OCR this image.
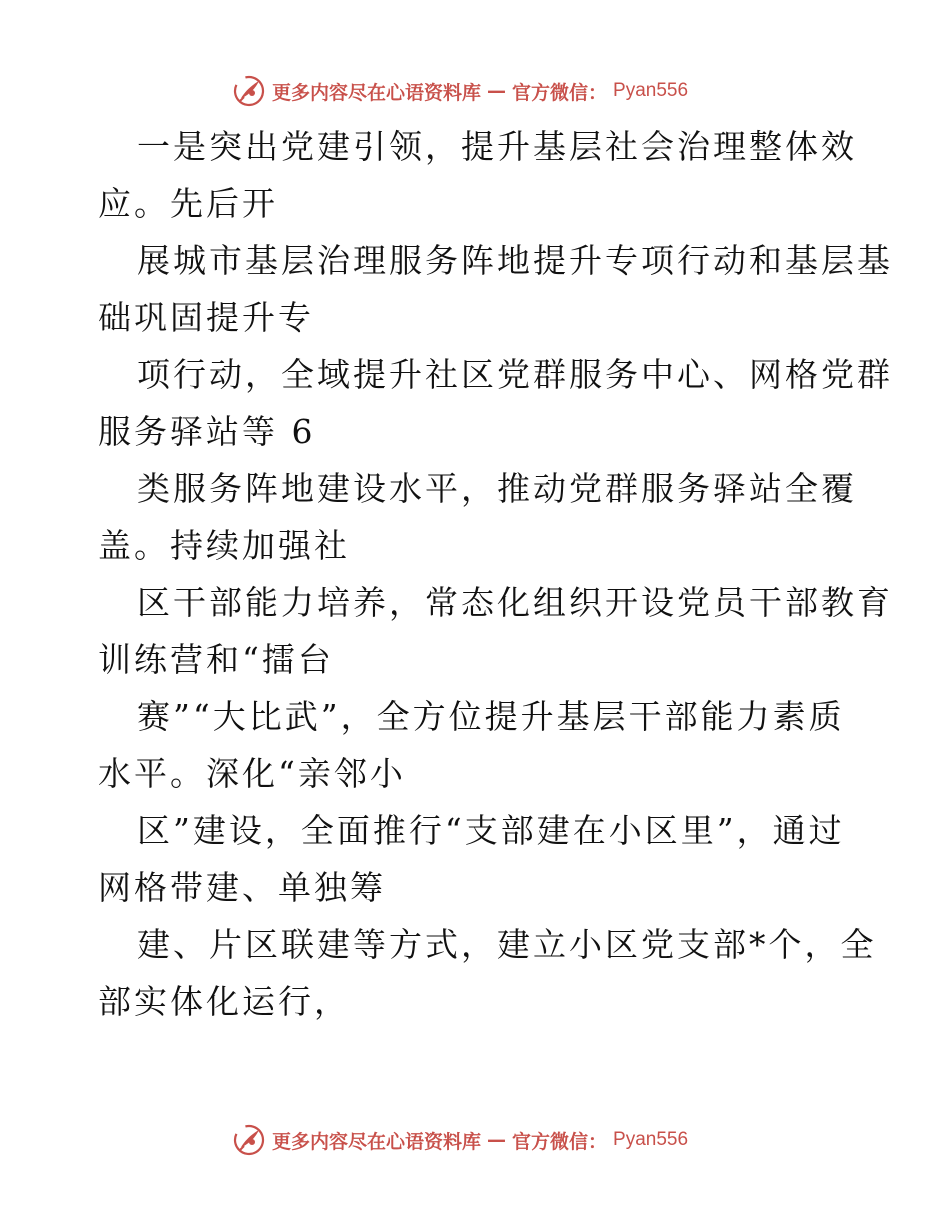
更多内容尽在心语资料库 — 官方微信： Pyan556

一是突出党建引领，提升基层社会治理整体效
应。先后开

展城市基层治理服务阵地提升专项行动和基层基
础巩固提升专

项行动，全域提升社区党群服务中心、网格党群
服务驿站等 6

类服务阵地建设水平，推动党群服务驿站全覆
盖。持续加强社

区干部能力培养，常态化组织开设党员干部教育
训练营和“擂台

赛”“大比武”，全方位提升基层干部能力素质
水平。深化“亲邻小

区”建设，全面推行“支部建在小区里”，通过
网格带建、单独筹

建、片区联建等方式，建立小区党支部*个，全
部实体化运行，

更多内容尽在心语资料库 — 官方微信： Pyan556
